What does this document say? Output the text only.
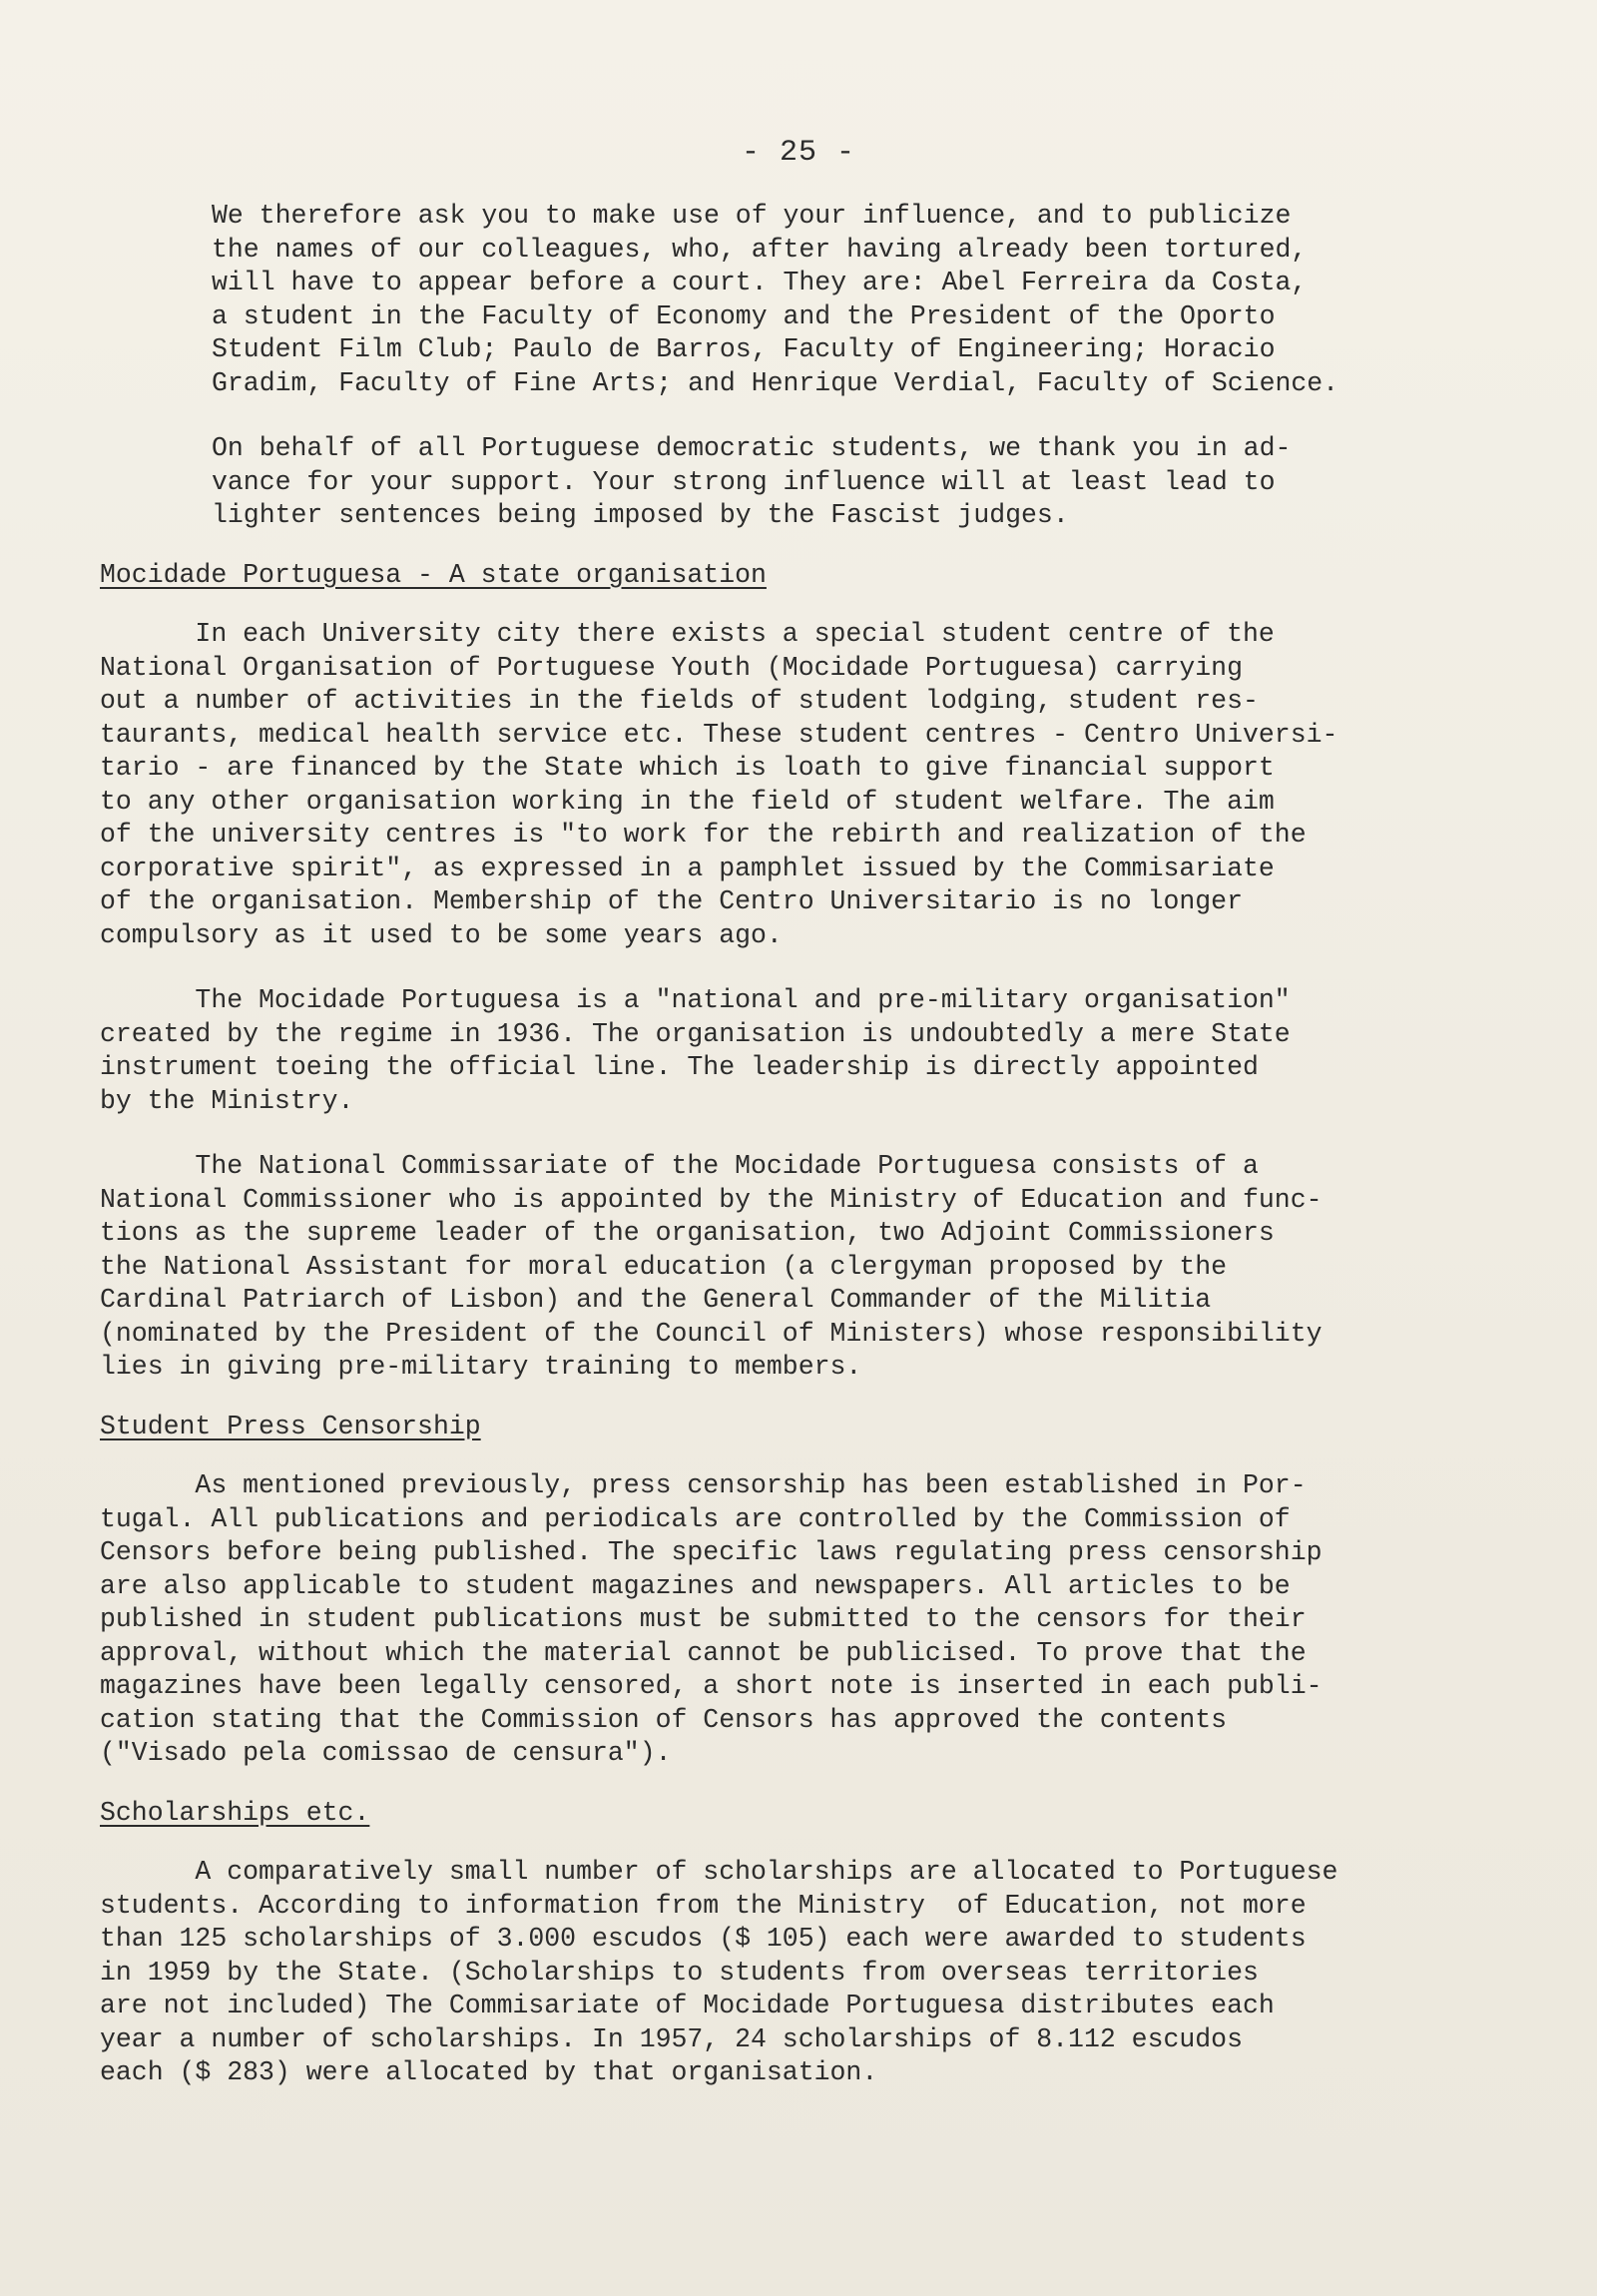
- 25 -

We therefore ask you to make use of your influence, and to publicize

the names of our colleagues, who, after having already been tortured,

will have to appear before a court. They are: Abel Ferreira da Costa,

a student in the Faculty of Economy and the President of the Oporto

Student Film Club; Paulo de Barros, Faculty of Engineering; Horacio

Gradim, Faculty of Fine Arts; and Henrique Verdial, Faculty of Science.

On behalf of all Portuguese democratic students, we thank you in ad-

vance for your support. Your strong influence will at least lead to

lighter sentences being imposed by the Fascist judges.

Mocidade Portuguesa - A state organisation

In each University city there exists a special student centre of the

National Organisation of Portuguese Youth (Mocidade Portuguesa) carrying

out a number of activities in the fields of student lodging, student res-

taurants, medical health service etc. These student centres - Centro Universi-

tario - are financed by the State which is loath to give financial support

to any other organisation working in the field of student welfare. The aim

of the university centres is "to work for the rebirth and realization of the

corporative spirit", as expressed in a pamphlet issued by the Commisariate

of the organisation. Membership of the Centro Universitario is no longer

compulsory as it used to be some years ago.

The Mocidade Portuguesa is a "national and pre-military organisation"

created by the regime in 1936. The organisation is undoubtedly a mere State

instrument toeing the official line. The leadership is directly appointed

by the Ministry.

The National Commissariate of the Mocidade Portuguesa consists of a

National Commissioner who is appointed by the Ministry of Education and func-

tions as the supreme leader of the organisation, two Adjoint Commissioners

the National Assistant for moral education (a clergyman proposed by the

Cardinal Patriarch of Lisbon) and the General Commander of the Militia

(nominated by the President of the Council of Ministers) whose responsibility

lies in giving pre-military training to members.

Student Press Censorship

As mentioned previously, press censorship has been established in Por-

tugal. All publications and periodicals are controlled by the Commission of

Censors before being published. The specific laws regulating press censorship

are also applicable to student magazines and newspapers. All articles to be

published in student publications must be submitted to the censors for their

approval, without which the material cannot be publicised. To prove that the

magazines have been legally censored, a short note is inserted in each publi-

cation stating that the Commission of Censors has approved the contents

("Visado pela comissao de censura").

Scholarships etc.

A comparatively small number of scholarships are allocated to Portuguese

students. According to information from the Ministry  of Education, not more

than 125 scholarships of 3.000 escudos ($ 105) each were awarded to students

in 1959 by the State. (Scholarships to students from overseas territories

are not included) The Commisariate of Mocidade Portuguesa distributes each

year a number of scholarships. In 1957, 24 scholarships of 8.112 escudos

each ($ 283) were allocated by that organisation.
